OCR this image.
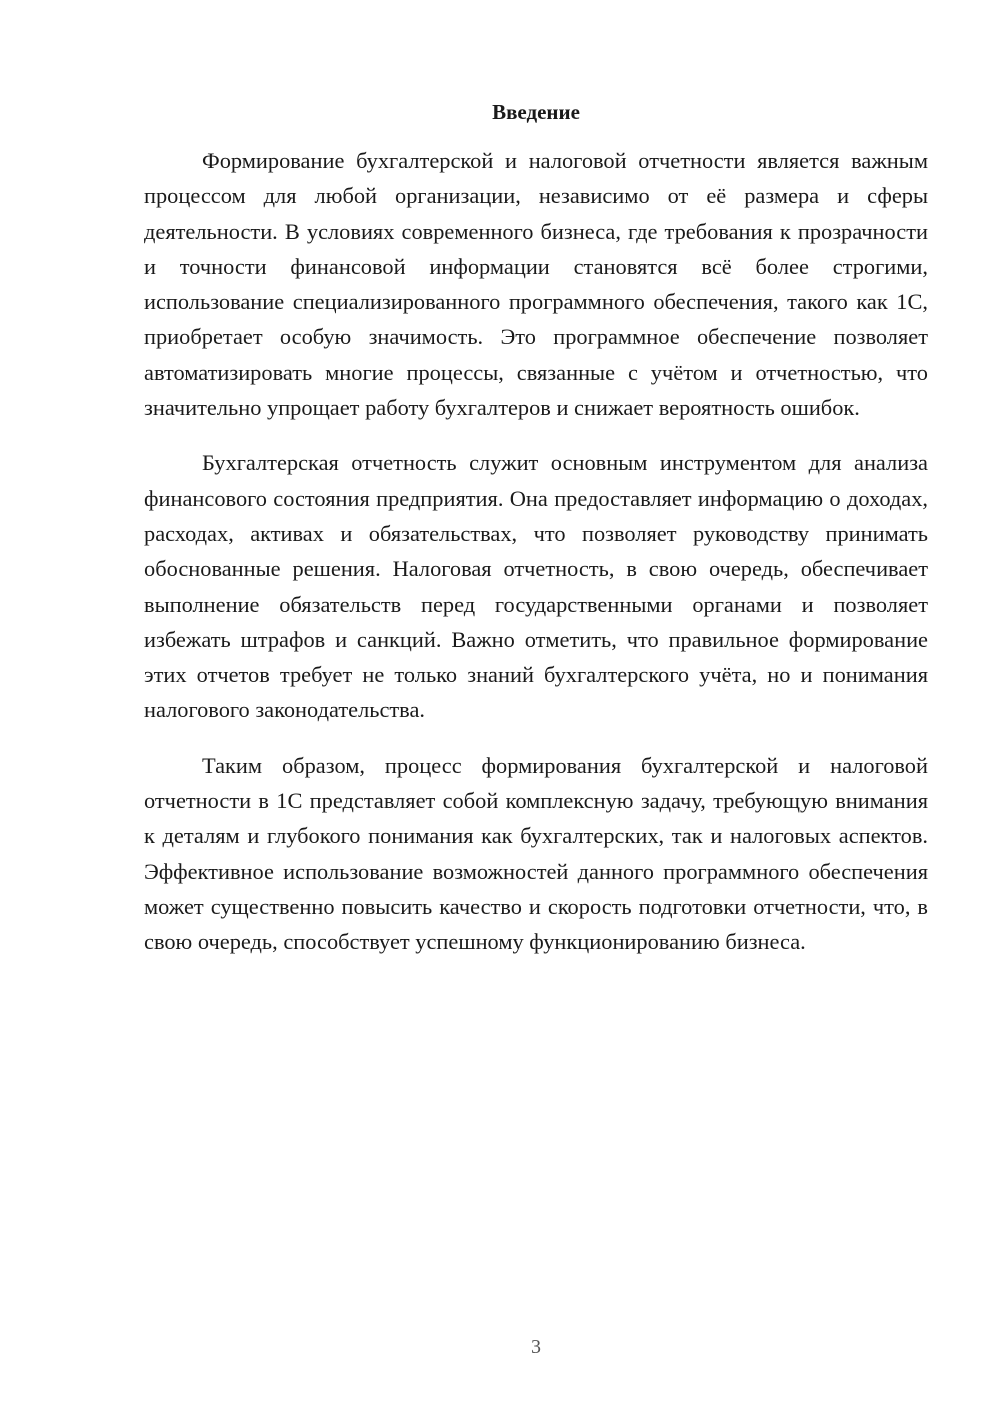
Введение

Формирование бухгалтерской и налоговой отчетности является важным процессом для любой организации, независимо от её размера и сферы деятельности. В условиях современного бизнеса, где требования к прозрачности и точности финансовой информации становятся всё более строгими, использование специализированного программного обеспечения, такого как 1С, приобретает особую значимость. Это программное обеспечение позволяет автоматизировать многие процессы, связанные с учётом и отчетностью, что значительно упрощает работу бухгалтеров и снижает вероятность ошибок.

Бухгалтерская отчетность служит основным инструментом для анализа финансового состояния предприятия. Она предоставляет информацию о доходах, расходах, активах и обязательствах, что позволяет руководству принимать обоснованные решения. Налоговая отчетность, в свою очередь, обеспечивает выполнение обязательств перед государственными органами и позволяет избежать штрафов и санкций. Важно отметить, что правильное формирование этих отчетов требует не только знаний бухгалтерского учёта, но и понимания налогового законодательства.

Таким образом, процесс формирования бухгалтерской и налоговой отчетности в 1С представляет собой комплексную задачу, требующую внимания к деталям и глубокого понимания как бухгалтерских, так и налоговых аспектов. Эффективное использование возможностей данного программного обеспечения может существенно повысить качество и скорость подготовки отчетности, что, в свою очередь, способствует успешному функционированию бизнеса.

3
